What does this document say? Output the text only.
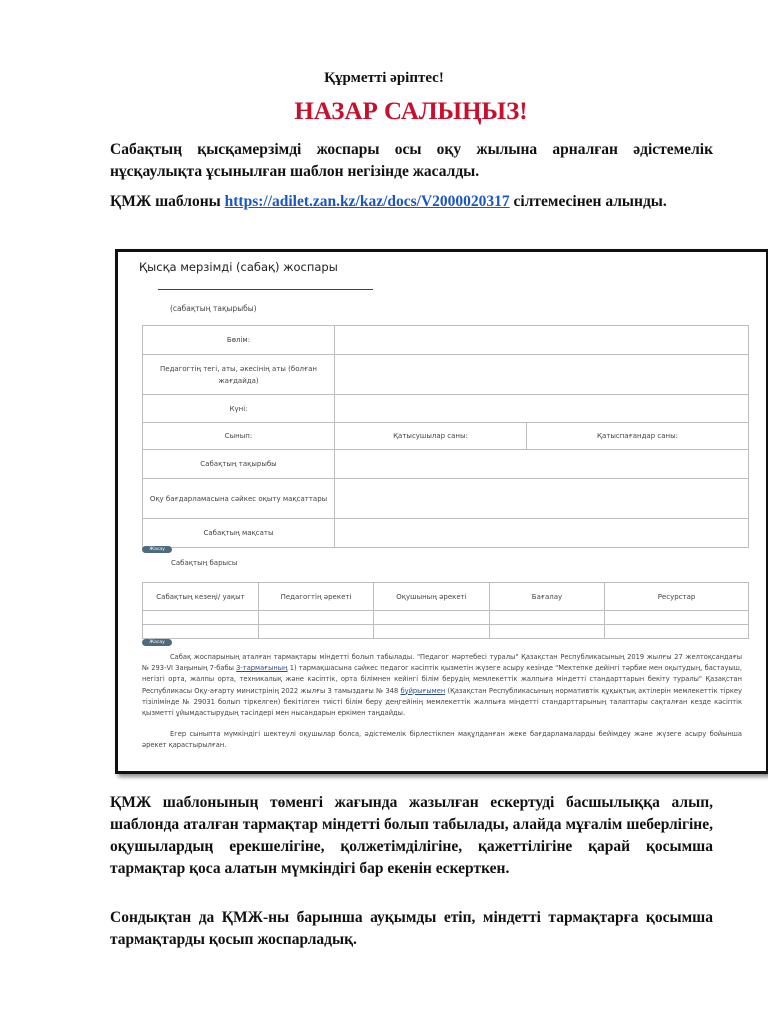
Құрметті әріптес!
НАЗАР САЛЫҢЫЗ!
Сабақтың қысқамерзімді жоспары осы оқу жылына арналған әдістемелік нұсқаулықта ұсынылған шаблон негізінде жасалды.
ҚМЖ шаблоны https://adilet.zan.kz/kaz/docs/V2000020317 сілтемесінен алынды.
Қысқа мерзімді (сабақ) жоспары
(сабақтың тақырыбы)
Бөлім:		
Педагогтің тегі, аты, әкесінің аты (болған жағдайда)		
Күні:		
Сынып:	Қатысушылар саны:	Қатыспағандар саны:
Сабақтың тақырыбы		
Оқу бағдарламасына сәйкес оқыту мақсаттары		
Сабақтың мақсаты		
Жасау
Сабақтың барысы
Сабақтың кезеңі/ уақыт	Педагогтің әрекеті	Оқушының әрекеті	Бағалау	Ресурстар

Жасау

Сабақ жоспарының аталған тармақтары міндетті болып табылады. "Педагог мәртебесі туралы" Қазақстан Республикасының 2019 жылғы 27 желтоқсандағы № 293-VI Заңының 7-бабы 3-тармағының 1) тармақшасына сәйкес педагог кәсіптік қызметін жүзеге асыру кезінде "Мектепке дейінгі тәрбие мен оқытудың, бастауыш, негізгі орта, жалпы орта, техникалық және кәсіптік, орта білімнен кейінгі білім берудің мемлекеттік жалпыға міндетті стандарттарын бекіту туралы" Қазақстан Республикасы Оқу-ағарту министрінің 2022 жылғы 3 тамыздағы № 348 бұйрығымен (Қазақстан Республикасының нормативтік құқықтық актілерін мемлекеттік тіркеу тізілімінде № 29031 болып тіркелген) бекітілген тиісті білім беру деңгейінің мемлекеттік жалпыға міндетті стандарттарының талаптары сақталған кезде кәсіптік қызметті ұйымдастырудың тәсілдері мен нысандарын еркімен таңдайды.

Егер сыныпта мүмкіндігі шектеулі оқушылар болса, әдістемелік бірлестікпен мақұлданған жеке бағдарламаларды бейімдеу және жүзеге асыру бойынша әрекет қарастырылған.

ҚМЖ шаблонының төменгі жағында жазылған ескертуді басшылыққа алып, шаблонда аталған тармақтар міндетті болып табылады, алайда мұғалім шеберлігіне, оқушылардың ерекшелігіне, қолжетімділігіне, қажеттілігіне қарай қосымша тармақтар қоса алатын мүмкіндігі бар екенін ескерткен.
Сондықтан да ҚМЖ-ны барынша ауқымды етіп, міндетті тармақтарға қосымша тармақтарды қосып жоспарладық.
